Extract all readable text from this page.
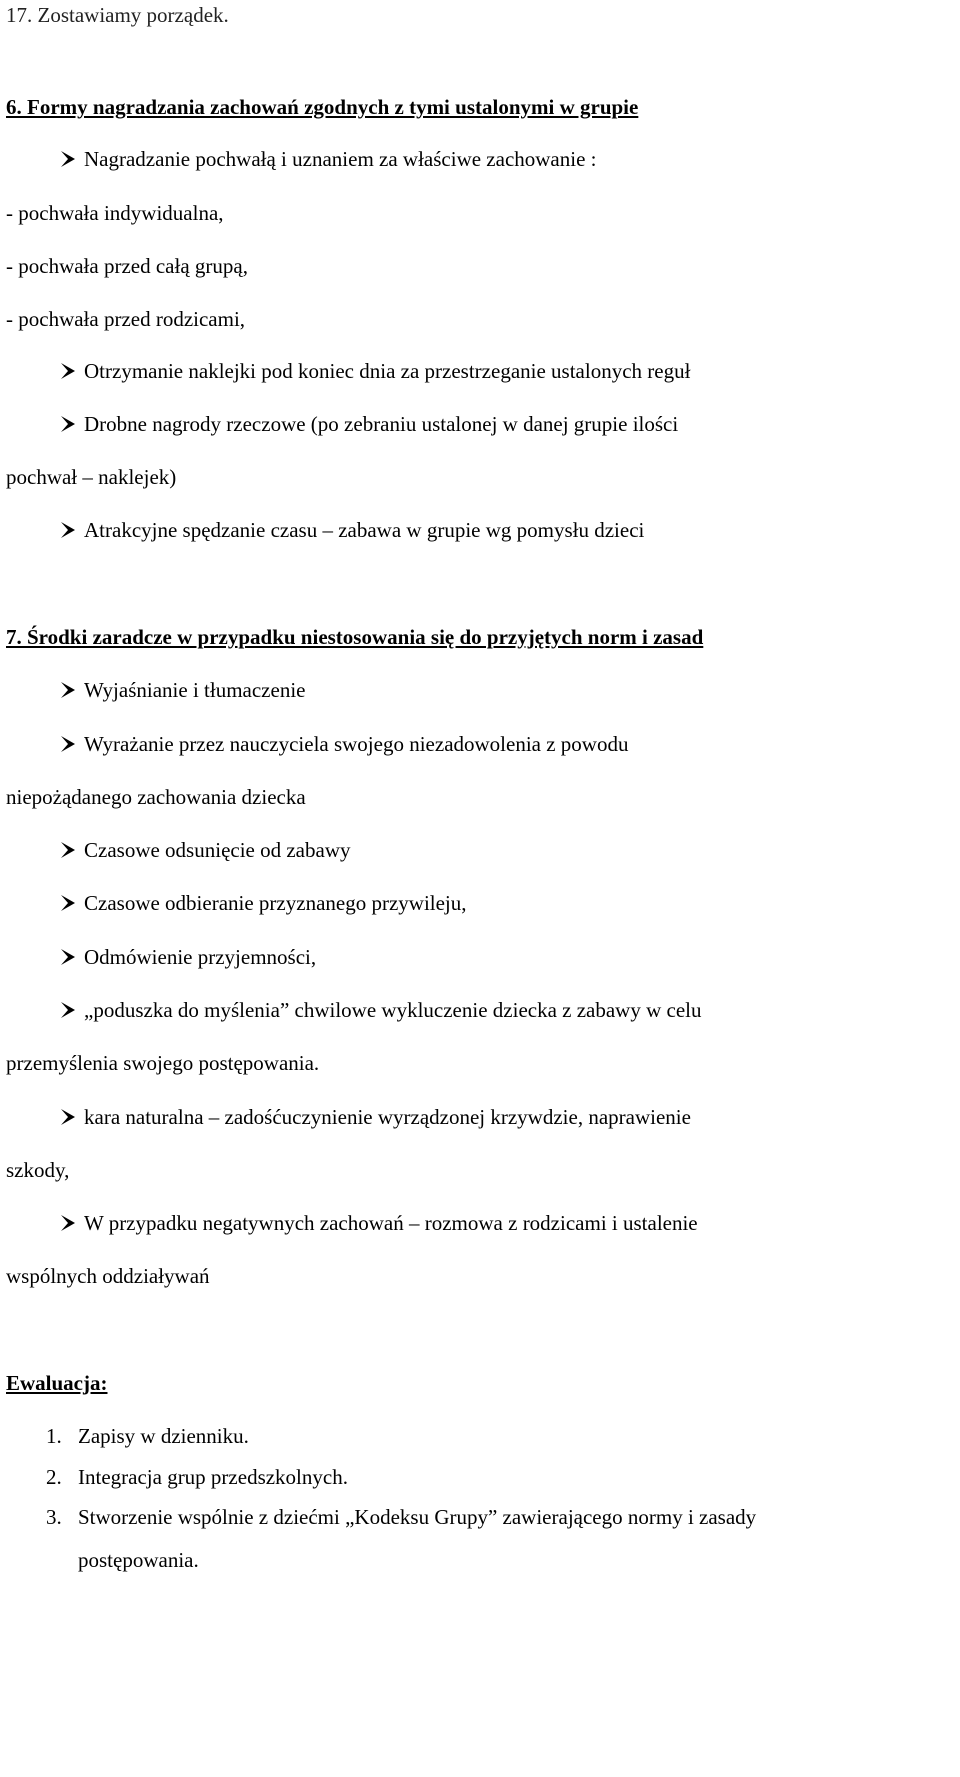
17. Zostawiamy porządek.
6. Formy nagradzania zachowań zgodnych z tymi ustalonymi w grupie
Nagradzanie pochwałą i uznaniem za właściwe zachowanie :
- pochwała indywidualna,
- pochwała przed całą grupą,
- pochwała przed rodzicami,
Otrzymanie naklejki pod koniec dnia za przestrzeganie ustalonych reguł
Drobne nagrody rzeczowe (po zebraniu ustalonej w danej grupie ilości
pochwał – naklejek)
Atrakcyjne spędzanie czasu – zabawa w grupie wg pomysłu dzieci
7. Środki zaradcze w przypadku niestosowania się do przyjętych norm i zasad
Wyjaśnianie i tłumaczenie
Wyrażanie przez nauczyciela swojego niezadowolenia z powodu
niepożądanego zachowania dziecka
Czasowe odsunięcie od zabawy
Czasowe odbieranie przyznanego przywileju,
Odmówienie przyjemności,
„poduszka do myślenia” chwilowe wykluczenie dziecka z zabawy w celu
przemyślenia swojego postępowania.
kara naturalna – zadośćuczynienie wyrządzonej krzywdzie, naprawienie
szkody,
W przypadku negatywnych zachowań – rozmowa z rodzicami i ustalenie
wspólnych oddziaływań
Ewaluacja:
1. Zapisy w dzienniku.
2. Integracja grup przedszkolnych.
3. Stworzenie wspólnie z dziećmi „Kodeksu Grupy” zawierającego normy i zasady
postępowania.
